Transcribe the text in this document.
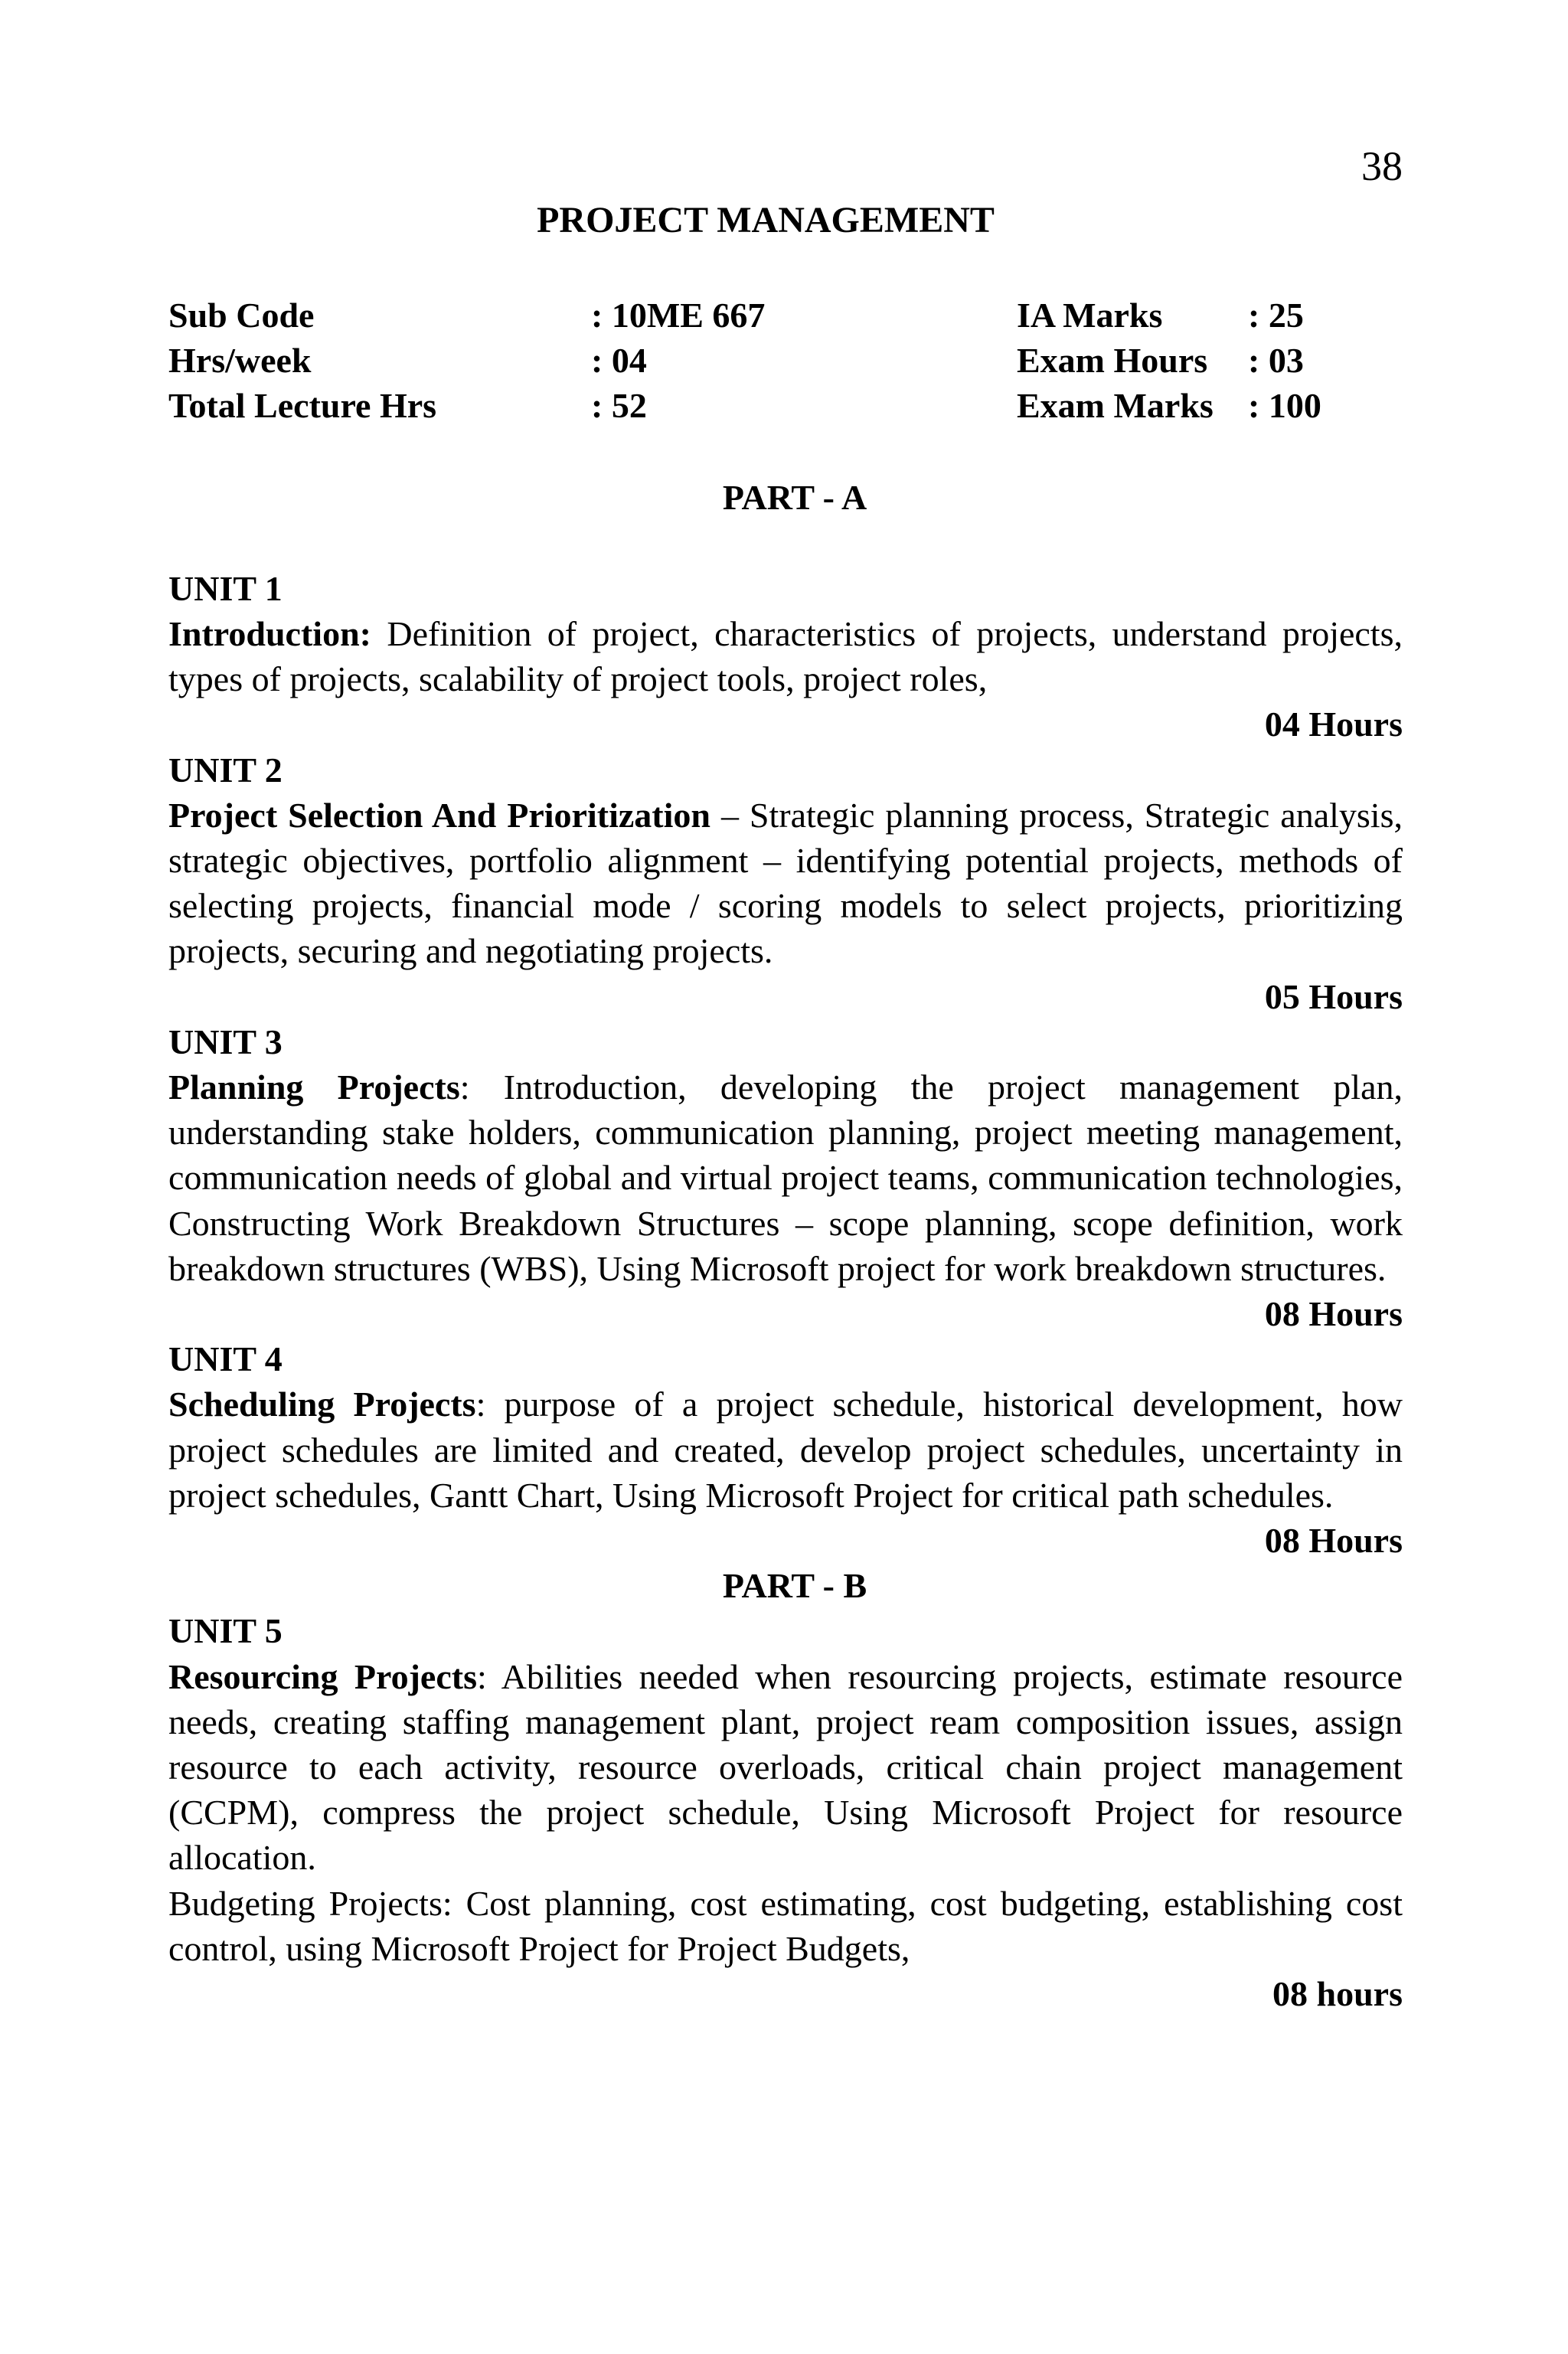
38
PROJECT MANAGEMENT
Sub Code	: 10ME 667	IA Marks	: 25
Hrs/week	: 04	Exam Hours	: 03
Total Lecture Hrs	: 52	Exam Marks : 100
PART - A
UNIT 1
Introduction: Definition of project, characteristics of projects, understand projects, types of projects, scalability of project tools, project roles,
04 Hours
UNIT 2
Project Selection And Prioritization – Strategic planning process, Strategic analysis, strategic objectives, portfolio alignment – identifying potential projects, methods of selecting projects, financial mode / scoring models to select projects, prioritizing projects, securing and negotiating projects.
05 Hours
UNIT 3
Planning Projects: Introduction, developing the project management plan, understanding stake holders, communication planning, project meeting management, communication needs of global and virtual project teams, communication technologies, Constructing Work Breakdown Structures – scope planning, scope definition, work breakdown structures (WBS), Using Microsoft project for work breakdown structures.
08 Hours
UNIT 4
Scheduling Projects: purpose of a project schedule, historical development, how project schedules are limited and created, develop project schedules, uncertainty in project schedules, Gantt Chart, Using Microsoft Project for critical path schedules.
08 Hours
PART - B
UNIT 5
Resourcing Projects: Abilities needed when resourcing projects, estimate resource needs, creating staffing management plant, project ream composition issues, assign resource to each activity, resource overloads, critical chain project management (CCPM), compress the project schedule, Using Microsoft Project for resource allocation.
Budgeting Projects: Cost planning, cost estimating, cost budgeting, establishing cost control, using Microsoft Project for Project Budgets,
08 hours
